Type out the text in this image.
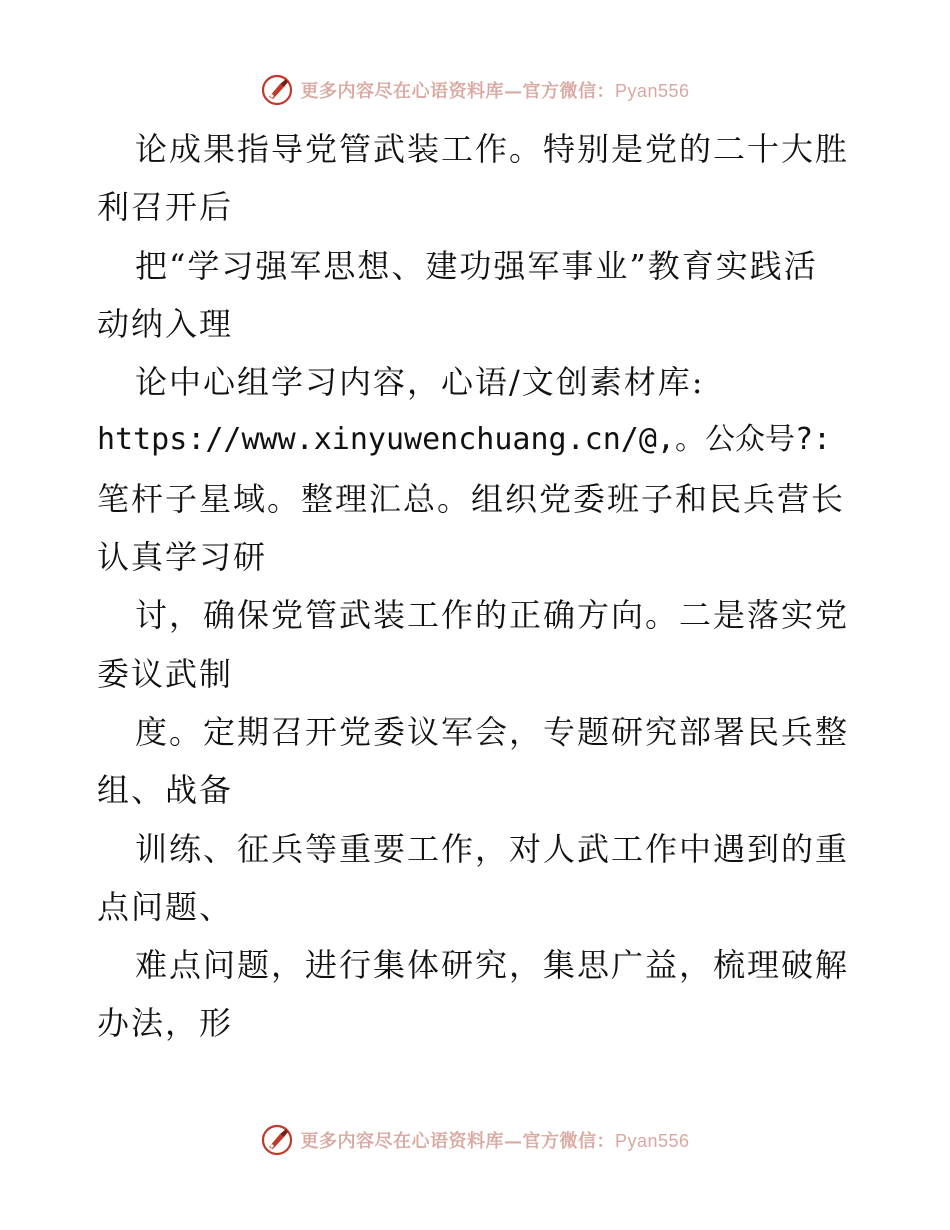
更多内容尽在心语资料库—官方微信：Pyan556
论成果指导党管武装工作。特别是党的二十大胜
利召开后
把“学习强军思想、建功强军事业”教育实践活
动纳入理
论中心组学习内容，心语/文创素材库:
https://www.xinyuwenchuang.cn/@,。公众号?:
笔杆子星域。整理汇总。组织党委班子和民兵营长
认真学习研
讨，确保党管武装工作的正确方向。二是落实党
委议武制
度。定期召开党委议军会，专题研究部署民兵整
组、战备
训练、征兵等重要工作，对人武工作中遇到的重
点问题、
难点问题，进行集体研究，集思广益，梳理破解
办法，形
更多内容尽在心语资料库—官方微信：Pyan556
